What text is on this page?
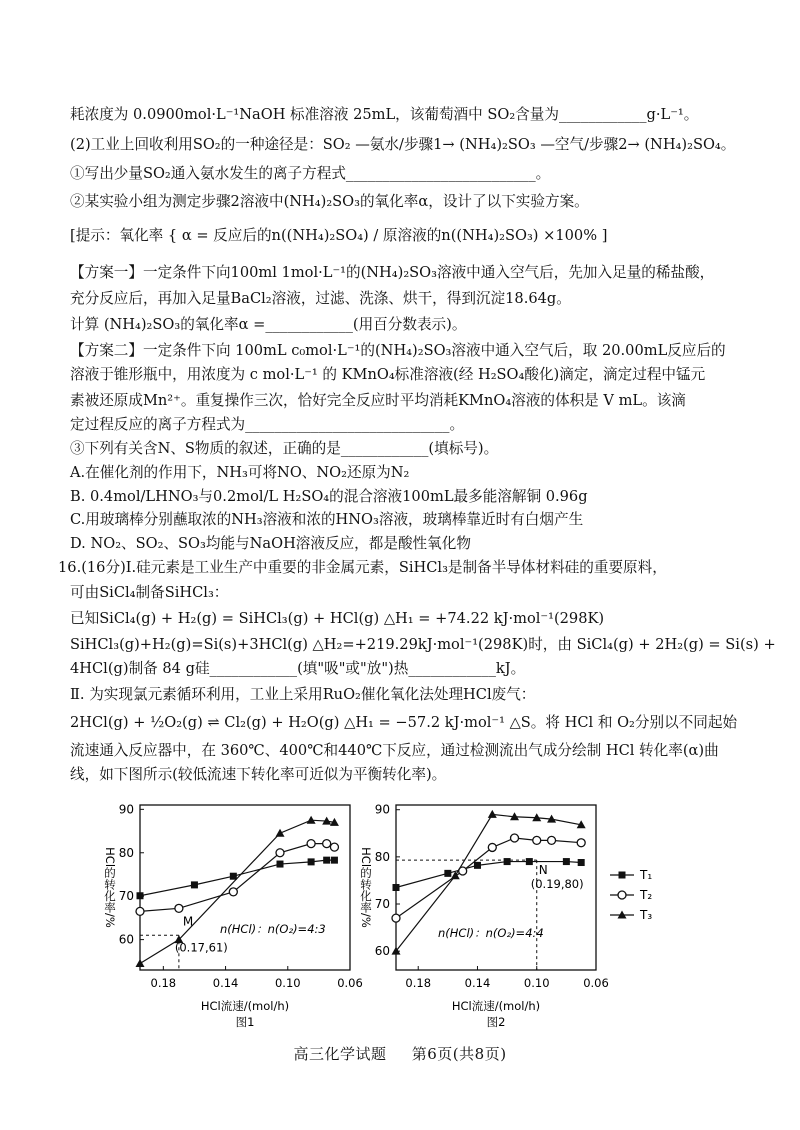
耗浓度为 0.0900mol·L⁻¹NaOH 标准溶液 25mL，该葡萄酒中 SO₂含量为____________g·L⁻¹。
(2)工业上回收利用SO₂的一种途径是：SO₂ —氨水/步骤1→ (NH₄)₂SO₃ —空气/步骤2→ (NH₄)₂SO₄。
①写出少量SO₂通入氨水发生的离子方程式__________________________。
②某实验小组为测定步骤2溶液中(NH₄)₂SO₃的氧化率α，设计了以下实验方案。
[提示：氧化率 { α = 反应后的n((NH₄)₂SO₄) / 原溶液的n((NH₄)₂SO₃) ×100% ]
【方案一】一定条件下向100ml 1mol·L⁻¹的(NH₄)₂SO₃溶液中通入空气后，先加入足量的稀盐酸，
充分反应后，再加入足量BaCl₂溶液，过滤、洗涤、烘干，得到沉淀18.64g。
计算 (NH₄)₂SO₃的氧化率α =____________(用百分数表示)。
【方案二】一定条件下向 100mL c₀mol·L⁻¹的(NH₄)₂SO₃溶液中通入空气后，取 20.00mL反应后的
溶液于锥形瓶中，用浓度为 c mol·L⁻¹ 的 KMnO₄标准溶液(经 H₂SO₄酸化)滴定，滴定过程中锰元
素被还原成Mn²⁺。重复操作三次，恰好完全反应时平均消耗KMnO₄溶液的体积是 V mL。该滴
定过程反应的离子方程式为____________________________。
③下列有关含N、S物质的叙述，正确的是____________(填标号)。
A.在催化剂的作用下，NH₃可将NO、NO₂还原为N₂
B. 0.4mol/LHNO₃与0.2mol/L H₂SO₄的混合溶液100mL最多能溶解铜 0.96g
C.用玻璃棒分别蘸取浓的NH₃溶液和浓的HNO₃溶液，玻璃棒靠近时有白烟产生
D. NO₂、SO₂、SO₃均能与NaOH溶液反应，都是酸性氧化物
16.(16分)Ⅰ.硅元素是工业生产中重要的非金属元素，SiHCl₃是制备半导体材料硅的重要原料，
可由SiCl₄制备SiHCl₃：
已知SiCl₄(g) + H₂(g) = SiHCl₃(g) + HCl(g) △H₁ = +74.22 kJ·mol⁻¹(298K)
SiHCl₃(g)+H₂(g)=Si(s)+3HCl(g) △H₂=+219.29kJ·mol⁻¹(298K)时，由 SiCl₄(g) + 2H₂(g) = Si(s) +
4HCl(g)制备 84 g硅____________(填"吸"或"放")热____________kJ。
Ⅱ. 为实现氯元素循环利用，工业上采用RuO₂催化氧化法处理HCl废气：
2HCl(g) + ½O₂(g) ⇌ Cl₂(g) + H₂O(g) △H₁ = −57.2 kJ·mol⁻¹ △S。将 HCl 和 O₂分别以不同起始
流速通入反应器中，在 360℃、400℃和440℃下反应，通过检测流出气成分绘制 HCl 转化率(α)曲
线，如下图所示(较低流速下转化率可近似为平衡转化率)。
60
70
80
90
0.18	0.14	0.10	0.06
HCl的转化率/%
HCl流速/(mol/h)
图1
M
(0.17,61)
n(HCl)：n(O₂)=4:3
60
70
80
90
0.18	0.14	0.10	0.06
HCl的转化率/%
HCl流速/(mol/h)
图2
N
(0.19,80)
n(HCl)：n(O₂)=4:4
T₁
T₂
T₃
高三化学试题 第6页(共8页)
